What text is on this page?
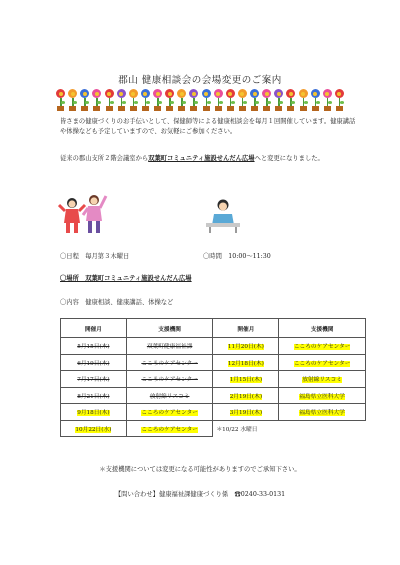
郡山 健康相談会の会場変更のご案内
皆さまの健康づくりのお手伝いとして、保健師等による健康相談会を毎月１回開催しています。健康講話や体操なども予定していますので、お気軽にご参加ください。
従来の郡山支所２階会議室から双葉町コミュニティ施設せんだん広場へと変更になりました。
〇日程　毎月第３木曜日	〇時間　10:00～11:30
〇場所　双葉町コミュニティ施設せんだん広場
〇内容　健康相談、健康講話、体操など
開催月	支援機関	開催月	支援機関
5月15日(木)	双葉町健康福祉課	11月20日(木)	こころのケアセンター
6月19日(木)	こころのケアセンター	12月18日(木)	こころのケアセンター
7月17日(木)	こころのケアセンター	1月15日(木)	放射線リスコミ
8月21日(木)	放射線リスコミ	2月19日(木)	福島県立医科大学
9月18日(木)	こころのケアセンター	3月19日(木)	福島県立医科大学
10月22日(水)	こころのケアセンター	＊10/22 水曜日	
＊支援機関については変更になる可能性がありますのでご承知下さい。
【問い合わせ】健康福祉課健康づくり係　☎0240-33-0131
